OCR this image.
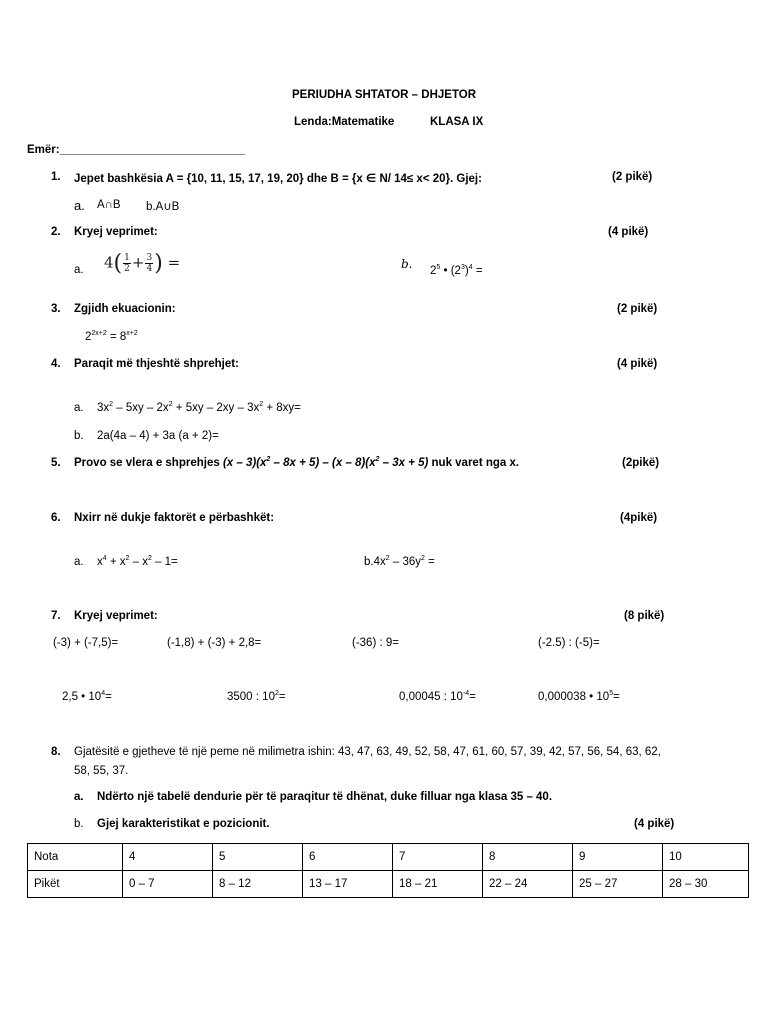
PERIUDHA SHTATOR – DHJETOR
Lenda:Matematike	KLASA IX
Emër:_____________________________
1. Jepet bashkësia A = {10, 11, 15, 17, 19, 20} dhe B = {x ∈ N/ 14≤ x< 20}. Gjej:	(2 pikë)
a. A∩B b.A∪B
2. Kryej veprimet:	(4 pikë)
a. $4( \frac{1}{2} + \frac{3}{4}$ ) =	b. $2^5$ • $(2^3)^4$ =
3. Zgjidh ekuacionin:	(2 pikë)
$2^{2x+2} = 8^{x+2}$
4. Paraqit më thjeshtë shprehjet:	(4 pikë)
a. $3x^2 - 5xy - 2x^2 + 5xy - 2xy - 3x^2 + 8xy=$
b. 2a(4a – 4) + 3a (a + 2)=
5. Provo se vlera e shprehjes $(x - 3)(x^2 - 8x + 5) - (x - 8)(x^2 - 3x + 5)$ nuk varet nga x.	(2pikë)
6. Nxirr në dukje faktorët e përbashkët:	(4pikë)
a. $x^4 + x^2 - x^2 - 1=$	$b.4x^2 - 36y^2$ =
7. Kryej veprimet:	(8 pikë)
(-3) + (-7,5)=	(-1,8) + (-3) + 2,8=	(-36) : 9=	(-2.5) : (-5)=
2,5 • $10^4=$	3500 : $10^2=$	0,00045 : $10^{-4}=$	0,000038 • $10^5=$
8. Gjatësitë e gjetheve të një peme në milimetra ishin: 43, 47, 63, 49, 52, 58, 47, 61, 60, 57, 39, 42, 57, 56, 54, 63, 62,
58, 55, 37.
a. Ndërto një tabelë dendurie për të paraqitur të dhënat, duke filluar nga klasa 35 – 40.
b. Gjej karakteristikat e pozicionit.	(4 pikë)
Nota	4	5	6	7	8	9	10
Pikët	0 – 7	8 – 12	13 – 17	18 – 21	22 – 24	25 – 27	28 – 30
